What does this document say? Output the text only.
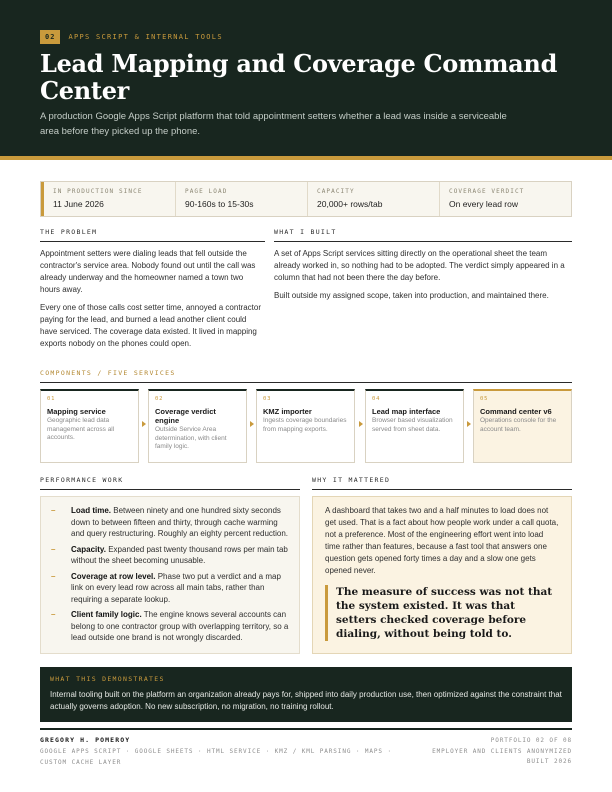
02	APPS SCRIPT & INTERNAL TOOLS
Lead Mapping and Coverage Command Center
A production Google Apps Script platform that told appointment setters whether a lead was inside a serviceable area before they picked up the phone.
IN PRODUCTION SINCE
11 June 2026
PAGE LOAD
90-160s to 15-30s
CAPACITY
20,000+ rows/tab
COVERAGE VERDICT
On every lead row
THE PROBLEM

Appointment setters were dialing leads that fell outside the contractor's service area. Nobody found out until the call was already underway and the homeowner named a town two hours away.

Every one of those calls cost setter time, annoyed a contractor paying for the lead, and burned a lead another client could have serviced. The coverage data existed. It lived in mapping exports nobody on the phones could open.

WHAT I BUILT

A set of Apps Script services sitting directly on the operational sheet the team already worked in, so nothing had to be adopted. The verdict simply appeared in a column that had not been there the day before.

Built outside my assigned scope, taken into production, and maintained there.

COMPONENTS / FIVE SERVICES
01
Mapping service
Geographic lead data management across all accounts.
02
Coverage verdict engine
Outside Service Area determination, with client family logic.
03
KMZ importer
Ingests coverage boundaries from mapping exports.
04
Lead map interface
Browser based visualization served from sheet data.
05
Command center v6
Operations console for the account team.
PERFORMANCE WORK
–	Load time. Between ninety and one hundred sixty seconds down to between fifteen and thirty, through cache warming and query restructuring. Roughly an eighty percent reduction.
–	Capacity. Expanded past twenty thousand rows per main tab without the sheet becoming unusable.
–	Coverage at row level. Phase two put a verdict and a map link on every lead row across all main tabs, rather than requiring a separate lookup.
–	Client family logic. The engine knows several accounts can belong to one contractor group with overlapping territory, so a lead outside one brand is not wrongly discarded.
WHY IT MATTERED
A dashboard that takes two and a half minutes to load does not get used. That is a fact about how people work under a call quota, not a preference. Most of the engineering effort went into load time rather than features, because a fast tool that answers one question gets opened forty times a day and a slow one gets opened never.
The measure of success was not that the system existed. It was that setters checked coverage before dialing, without being told to.
WHAT THIS DEMONSTRATES
Internal tooling built on the platform an organization already pays for, shipped into daily production use, then optimized against the constraint that actually governs adoption. No new subscription, no migration, no training rollout.
GREGORY H. POMEROY
GOOGLE APPS SCRIPT · GOOGLE SHEETS · HTML SERVICE · KMZ / KML PARSING · MAPS · CUSTOM CACHE LAYER
PORTFOLIO 02 OF 08
EMPLOYER AND CLIENTS ANONYMIZED
BUILT 2026
